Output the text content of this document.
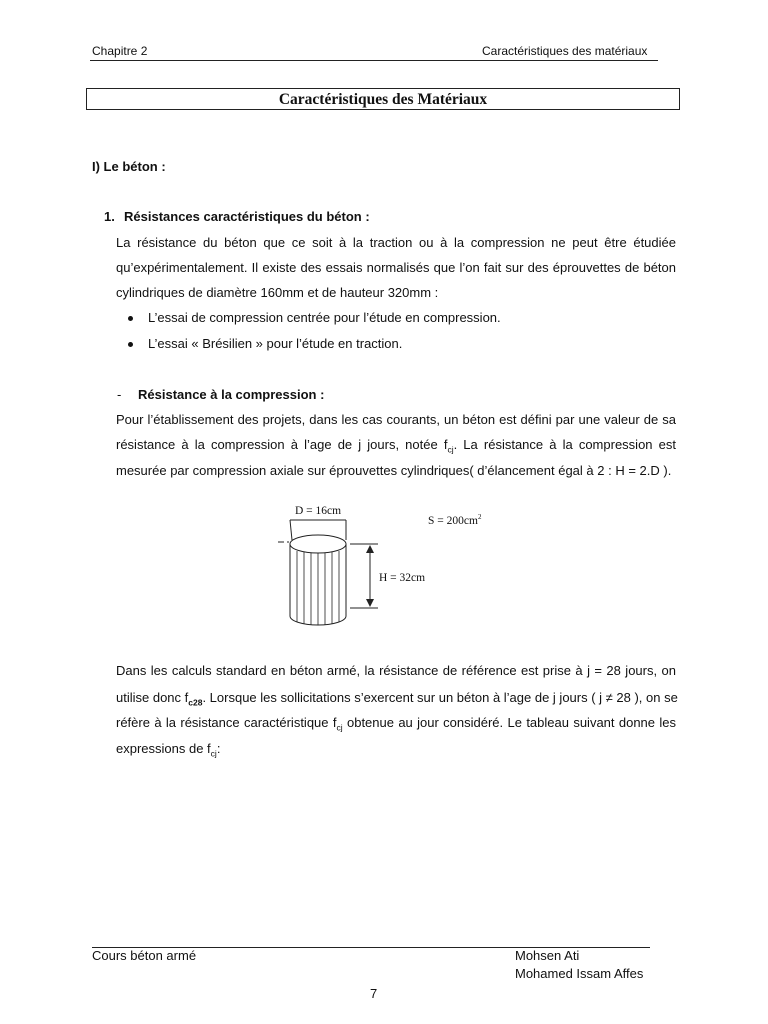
Chapitre 2	Caractéristiques des matériaux
Caractéristiques des Matériaux
I) Le béton :
1. Résistances caractéristiques du béton :
La résistance du béton que ce soit à la traction ou à la compression ne peut être étudiée
qu’expérimentalement. Il existe des essais normalisés que l’on fait sur des éprouvettes de béton
cylindriques de diamètre 160mm et de hauteur 320mm :
L’essai de compression centrée pour l’étude en compression.
L’essai « Brésilien » pour l’étude en traction.
- Résistance à la compression :
Pour l’établissement des projets, dans les cas courants, un béton est défini par une valeur de sa
résistance à la compression à l’age de j jours, notée $f_{cj}$. La résistance à la compression est
mesurée par compression axiale sur éprouvettes cylindriques( d’élancement égal à 2 : H = 2.D ).
D = 16cm
$S = 200cm^2$
H = 32cm
Dans les calculs standard en béton armé, la résistance de référence est prise à j = 28 jours, on
utilise donc $f_{c28}$. Lorsque les sollicitations s’exercent sur un béton à l’age de j jours ( j ≠ 28 ), on se
réfère à la résistance caractéristique $f_{cj}$ obtenue au jour considéré. Le tableau suivant donne les
expressions de $f_{cj}$:
Cours béton armé	Mohsen Ati
Mohamed Issam Affes
7
